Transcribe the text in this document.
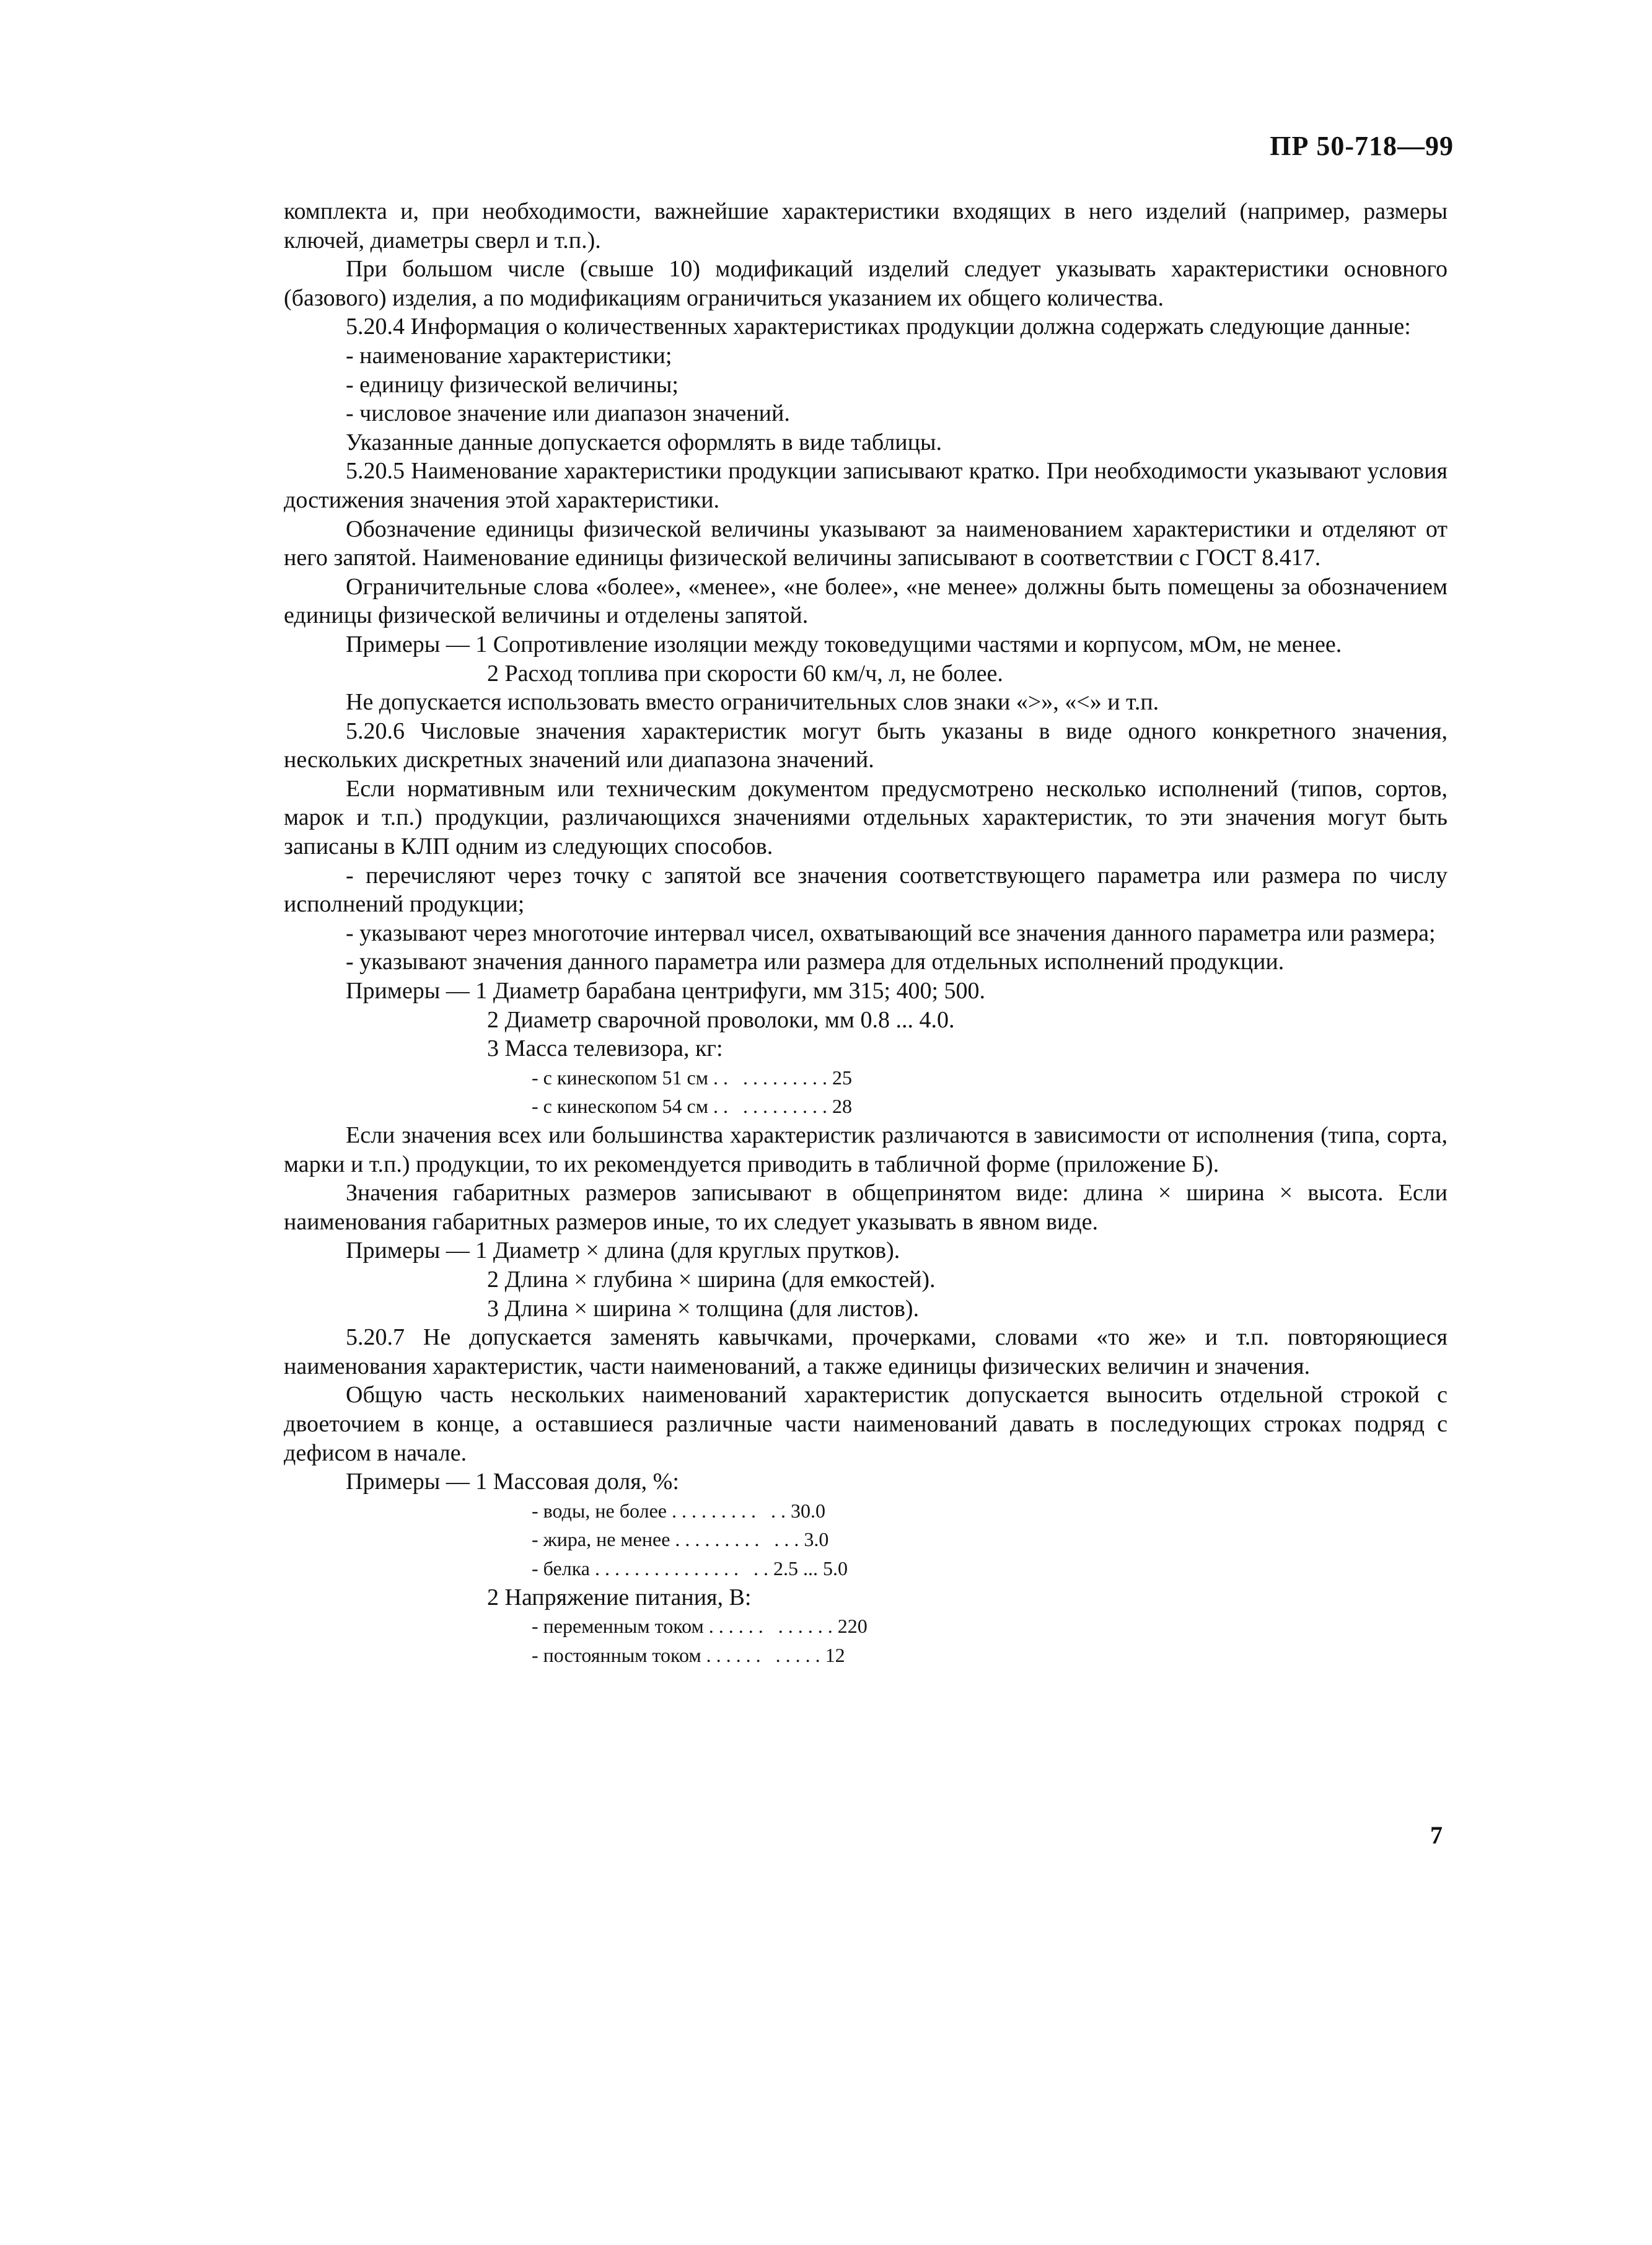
ПР 50-718—99
комплекта и, при необходимости, важнейшие характеристики входящих в него изделий (например, размеры ключей, диаметры сверл и т.п.).
При большом числе (свыше 10) модификаций изделий следует указывать характеристики основного (базового) изделия, а по модификациям ограничиться указанием их общего количества.
5.20.4 Информация о количественных характеристиках продукции должна содержать следующие данные:
- наименование характеристики;
- единицу физической величины;
- числовое значение или диапазон значений.
Указанные данные допускается оформлять в виде таблицы.
5.20.5 Наименование характеристики продукции записывают кратко. При необходимости указывают условия достижения значения этой характеристики.
Обозначение единицы физической величины указывают за наименованием характеристики и отделяют от него запятой. Наименование единицы физической величины записывают в соответствии с ГОСТ 8.417.
Ограничительные слова «более», «менее», «не более», «не менее» должны быть помещены за обозначением единицы физической величины и отделены запятой.
Примеры — 1 Сопротивление изоляции между токоведущими частями и корпусом, мОм, не менее.
2 Расход топлива при скорости 60 км/ч, л, не более.
Не допускается использовать вместо ограничительных слов знаки «>», «<» и т.п.
5.20.6 Числовые значения характеристик могут быть указаны в виде одного конкретного значения, нескольких дискретных значений или диапазона значений.
Если нормативным или техническим документом предусмотрено несколько исполнений (типов, сортов, марок и т.п.) продукции, различающихся значениями отдельных характеристик, то эти значения могут быть записаны в КЛП одним из следующих способов.
- перечисляют через точку с запятой все значения соответствующего параметра или размера по числу исполнений продукции;
- указывают через многоточие интервал чисел, охватывающий все значения данного параметра или размера;
- указывают значения данного параметра или размера для отдельных исполнений продукции.
Примеры — 1 Диаметр барабана центрифуги, мм 315; 400; 500.
2 Диаметр сварочной проволоки, мм 0.8 ... 4.0.
3 Масса телевизора, кг:
- с кинескопом 51 см . . . . . . . . . . . 25
- с кинескопом 54 см . . . . . . . . . . . 28
Если значения всех или большинства характеристик различаются в зависимости от исполнения (типа, сорта, марки и т.п.) продукции, то их рекомендуется приводить в табличной форме (приложение Б).
Значения габаритных размеров записывают в общепринятом виде: длина × ширина × высота. Если наименования габаритных размеров иные, то их следует указывать в явном виде.
Примеры — 1 Диаметр × длина (для круглых прутков).
2 Длина × глубина × ширина (для емкостей).
3 Длина × ширина × толщина (для листов).
5.20.7 Не допускается заменять кавычками, прочерками, словами «то же» и т.п. повторяющиеся наименования характеристик, части наименований, а также единицы физических величин и значения.
Общую часть нескольких наименований характеристик допускается выносить отдельной строкой с двоеточием в конце, а оставшиеся различные части наименований давать в последующих строках подряд с дефисом в начале.
Примеры — 1 Массовая доля, %:
- воды, не более . . . . . . . . . . . 30.0
- жира, не менее . . . . . . . . . . . . 3.0
- белка . . . . . . . . . . . . . . . . . 2.5 ... 5.0
2 Напряжение питания, В:
- переменным током . . . . . . . . . . . . 220
- постоянным током . . . . . . . . . . . 12
7
